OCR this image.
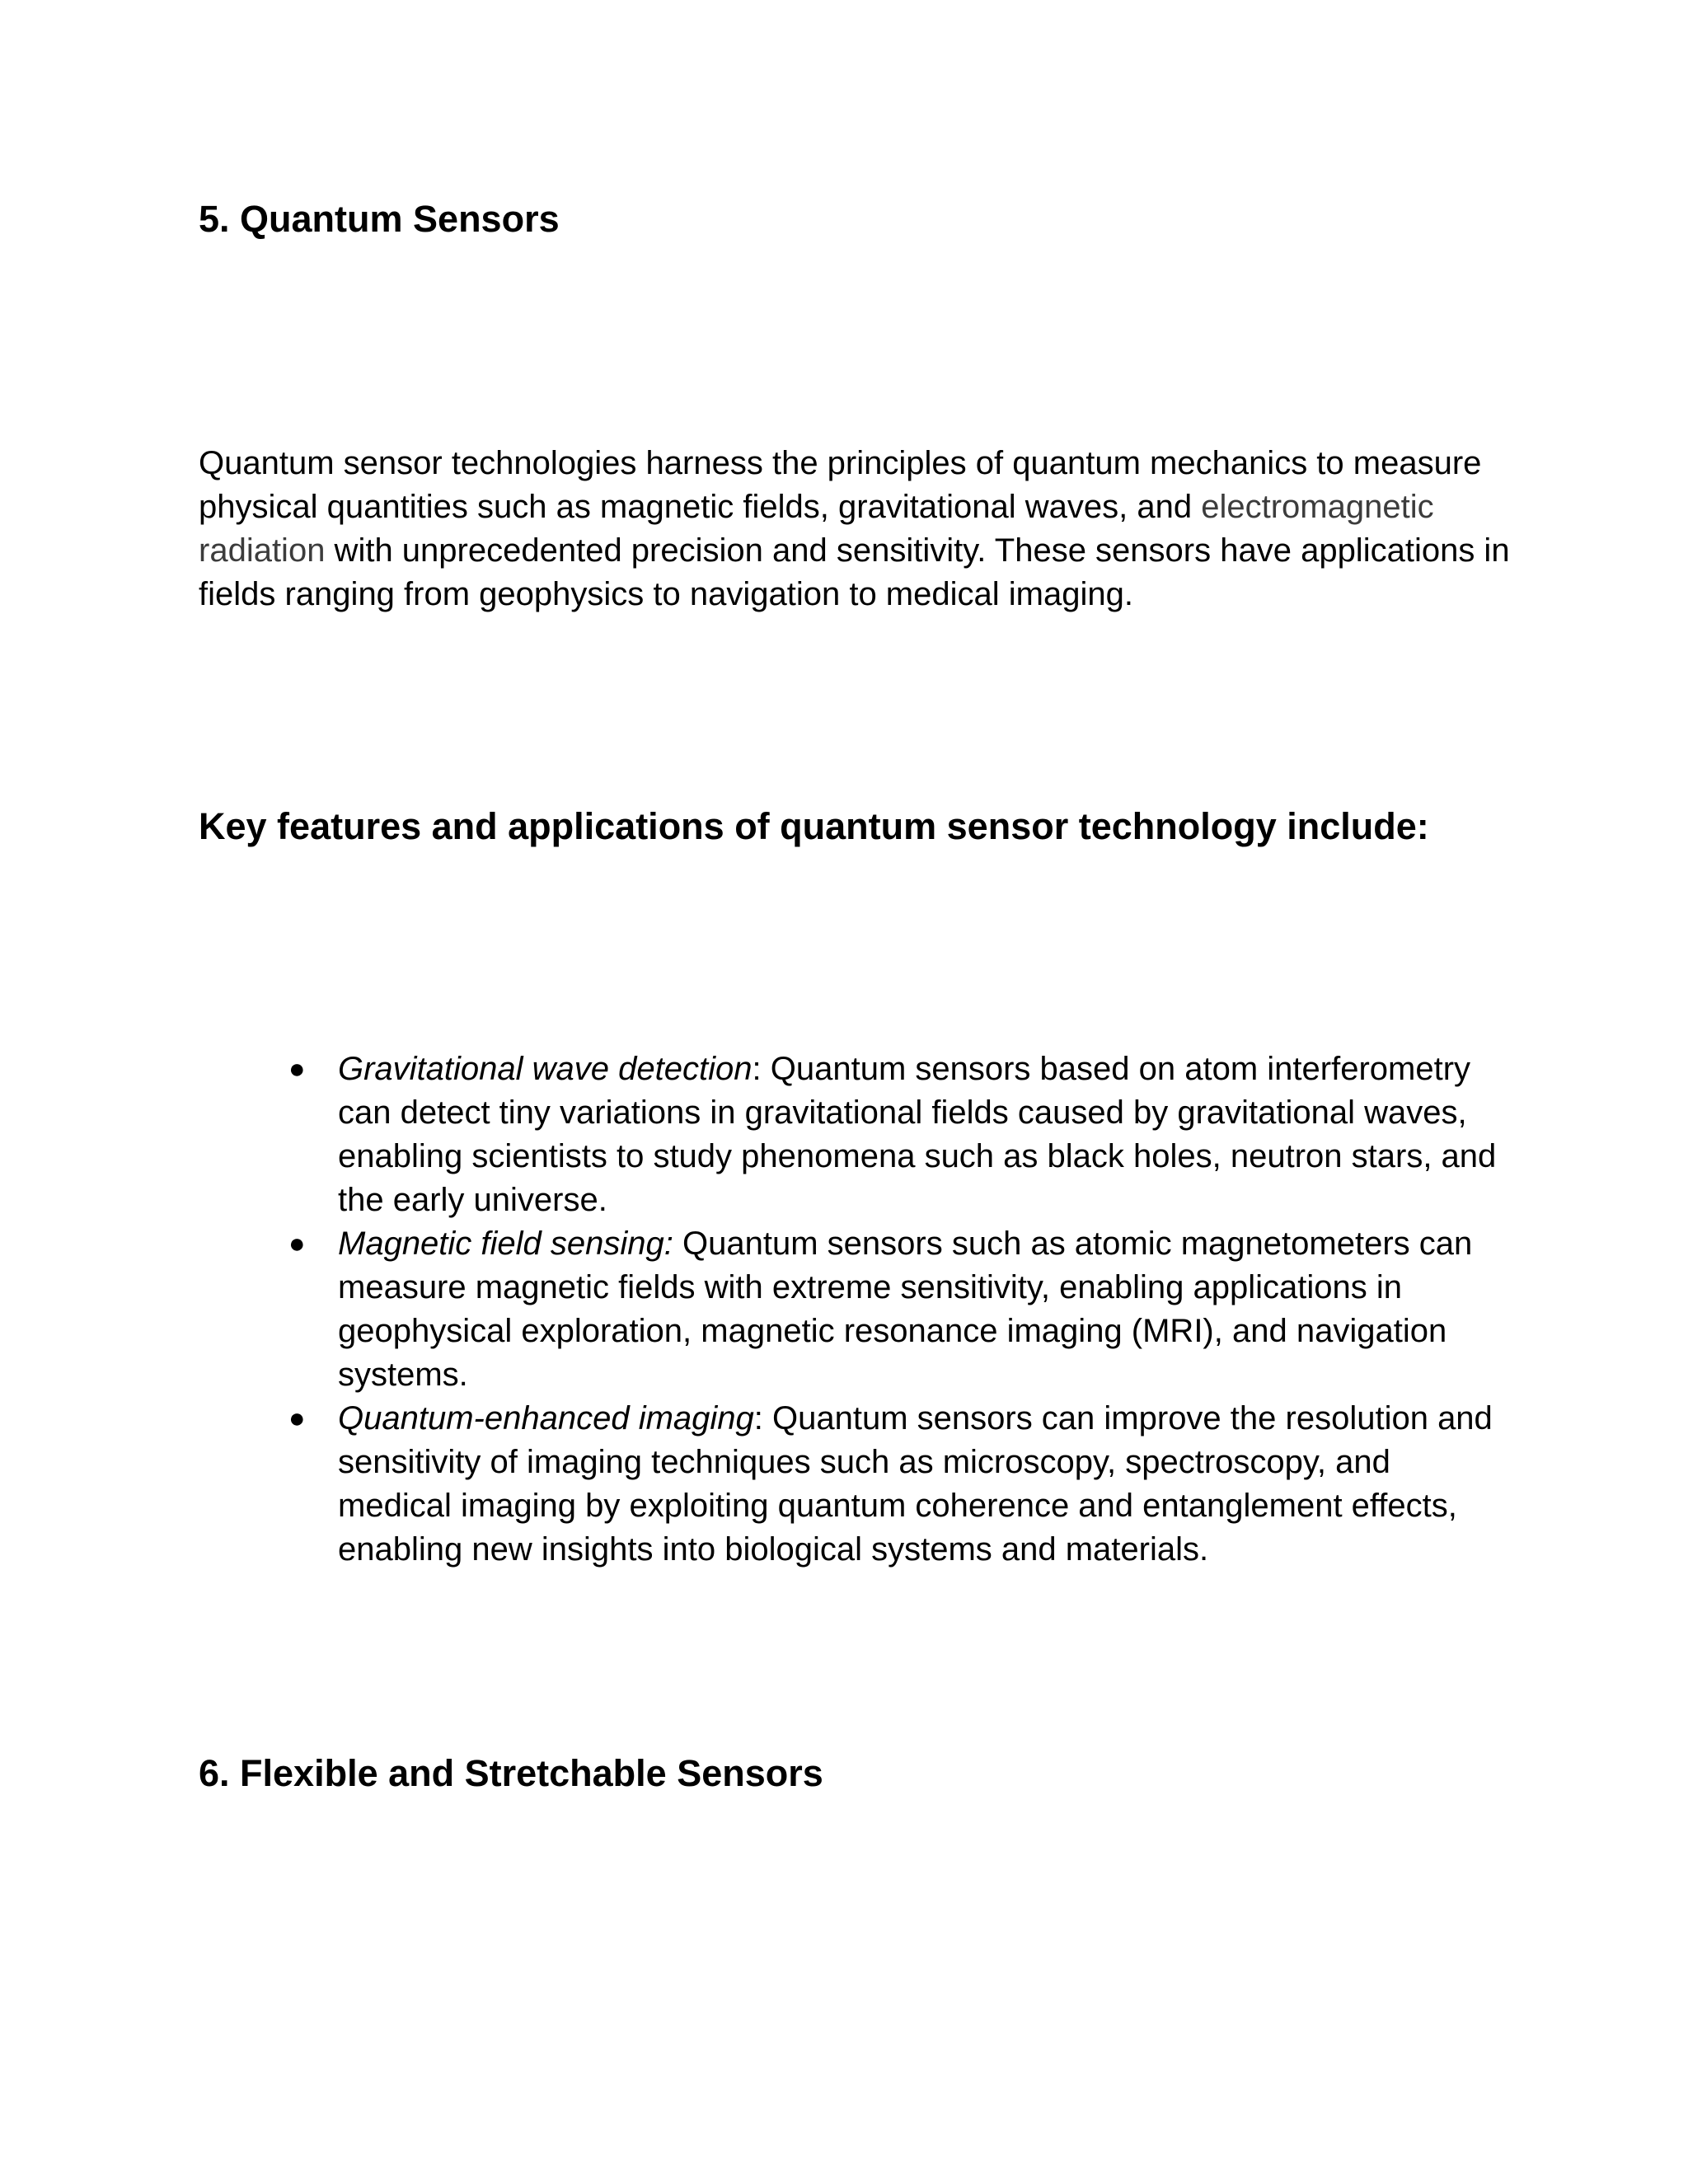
5. Quantum Sensors

Quantum sensor technologies harness the principles of quantum mechanics to measure physical quantities such as magnetic fields, gravitational waves, and electromagnetic radiation with unprecedented precision and sensitivity. These sensors have applications in fields ranging from geophysics to navigation to medical imaging.

Key features and applications of quantum sensor technology include:
● Gravitational wave detection: Quantum sensors based on atom interferometry can detect tiny variations in gravitational fields caused by gravitational waves, enabling scientists to study phenomena such as black holes, neutron stars, and the early universe.
● Magnetic field sensing: Quantum sensors such as atomic magnetometers can measure magnetic fields with extreme sensitivity, enabling applications in geophysical exploration, magnetic resonance imaging (MRI), and navigation systems.
● Quantum-enhanced imaging: Quantum sensors can improve the resolution and sensitivity of imaging techniques such as microscopy, spectroscopy, and medical imaging by exploiting quantum coherence and entanglement effects, enabling new insights into biological systems and materials.
6. Flexible and Stretchable Sensors
